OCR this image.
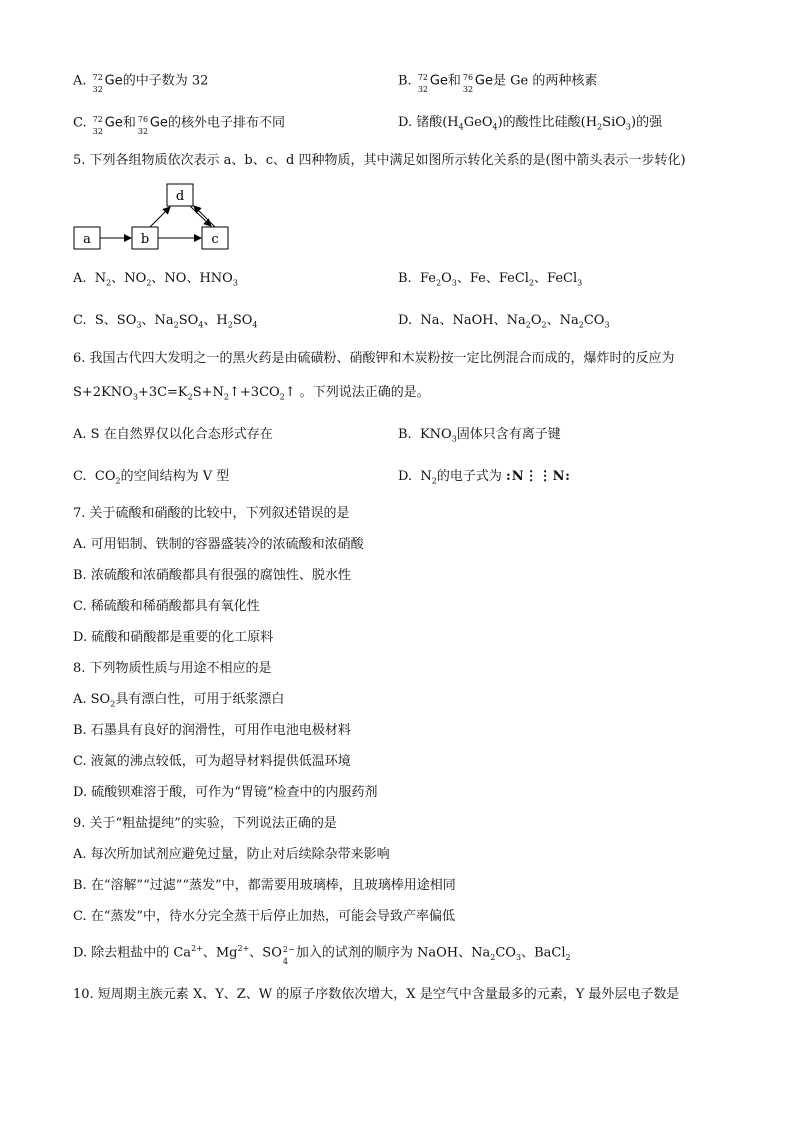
A. 72
32
Ge的中子数为 32	B. 72
32
Ge和 76
32
Ge是 Ge 的两种核素
C. 72
32
Ge和 76
32
Ge的核外电子排布不同	D. 锗酸$(H_4GeO_4)$的酸性比硅酸$(H_2SiO_3)$的强
5. 下列各组物质依次表示 a、b、c、d 四种物质，其中满足如图所示转化关系的是(图中箭头表示一步转化)
a	b	c
d
A. $N_2$、$NO_2$、NO、$HNO_3$	B. $Fe_2O_3$、Fe、FeCl$_2$、FeCl$_3$
C. S、$SO_3$、$Na_2SO_4$、$H_2SO_4$	D. Na、NaOH、$Na_2O_2$、$Na_2CO_3$
6. 我国古代四大发明之一的黑火药是由硫磺粉、硝酸钾和木炭粉按一定比例混合而成的，爆炸时的反应为
$S+2KNO_3+3C=K_2S+N_2↑+3CO_2↑$ 。下列说法正确的是。
A. S 在自然界仅以化合态形式存在	B. $KNO_3$固体只含有离子键
C. $CO_2$的空间结构为 V 型	D. $N_2$的电子式为 :N⋮⋮N:
7. 关于硫酸和硝酸的比较中，下列叙述错误的是
A. 可用铝制、铁制的容器盛装冷的浓硫酸和浓硝酸
B. 浓硫酸和浓硝酸都具有很强的腐蚀性、脱水性
C. 稀硫酸和稀硝酸都具有氧化性
D. 硫酸和硝酸都是重要的化工原料
8. 下列物质性质与用途不相应的是
A. $SO_2$具有漂白性，可用于纸浆漂白
B. 石墨具有良好的润滑性，可用作电池电极材料
C. 液氮的沸点较低，可为超导材料提供低温环境
D. 硫酸钡难溶于酸，可作为“胃镜”检查中的内服药剂
9. 关于“粗盐提纯”的实验，下列说法正确的是
A. 每次所加试剂应避免过量，防止对后续除杂带来影响
B. 在“溶解”“过滤”“蒸发”中，都需要用玻璃棒，且玻璃棒用途相同
C. 在“蒸发”中，待水分完全蒸干后停止加热，可能会导致产率偏低
D. 除去粗盐中的 $Ca^{2+}$、$Mg^{2+}$、SO 2−
4
加入的试剂的顺序为 NaOH、$Na_2CO_3$、BaCl$_2$
10. 短周期主族元素 X、Y、Z、W 的原子序数依次增大，X 是空气中含量最多的元素，Y 最外层电子数是
